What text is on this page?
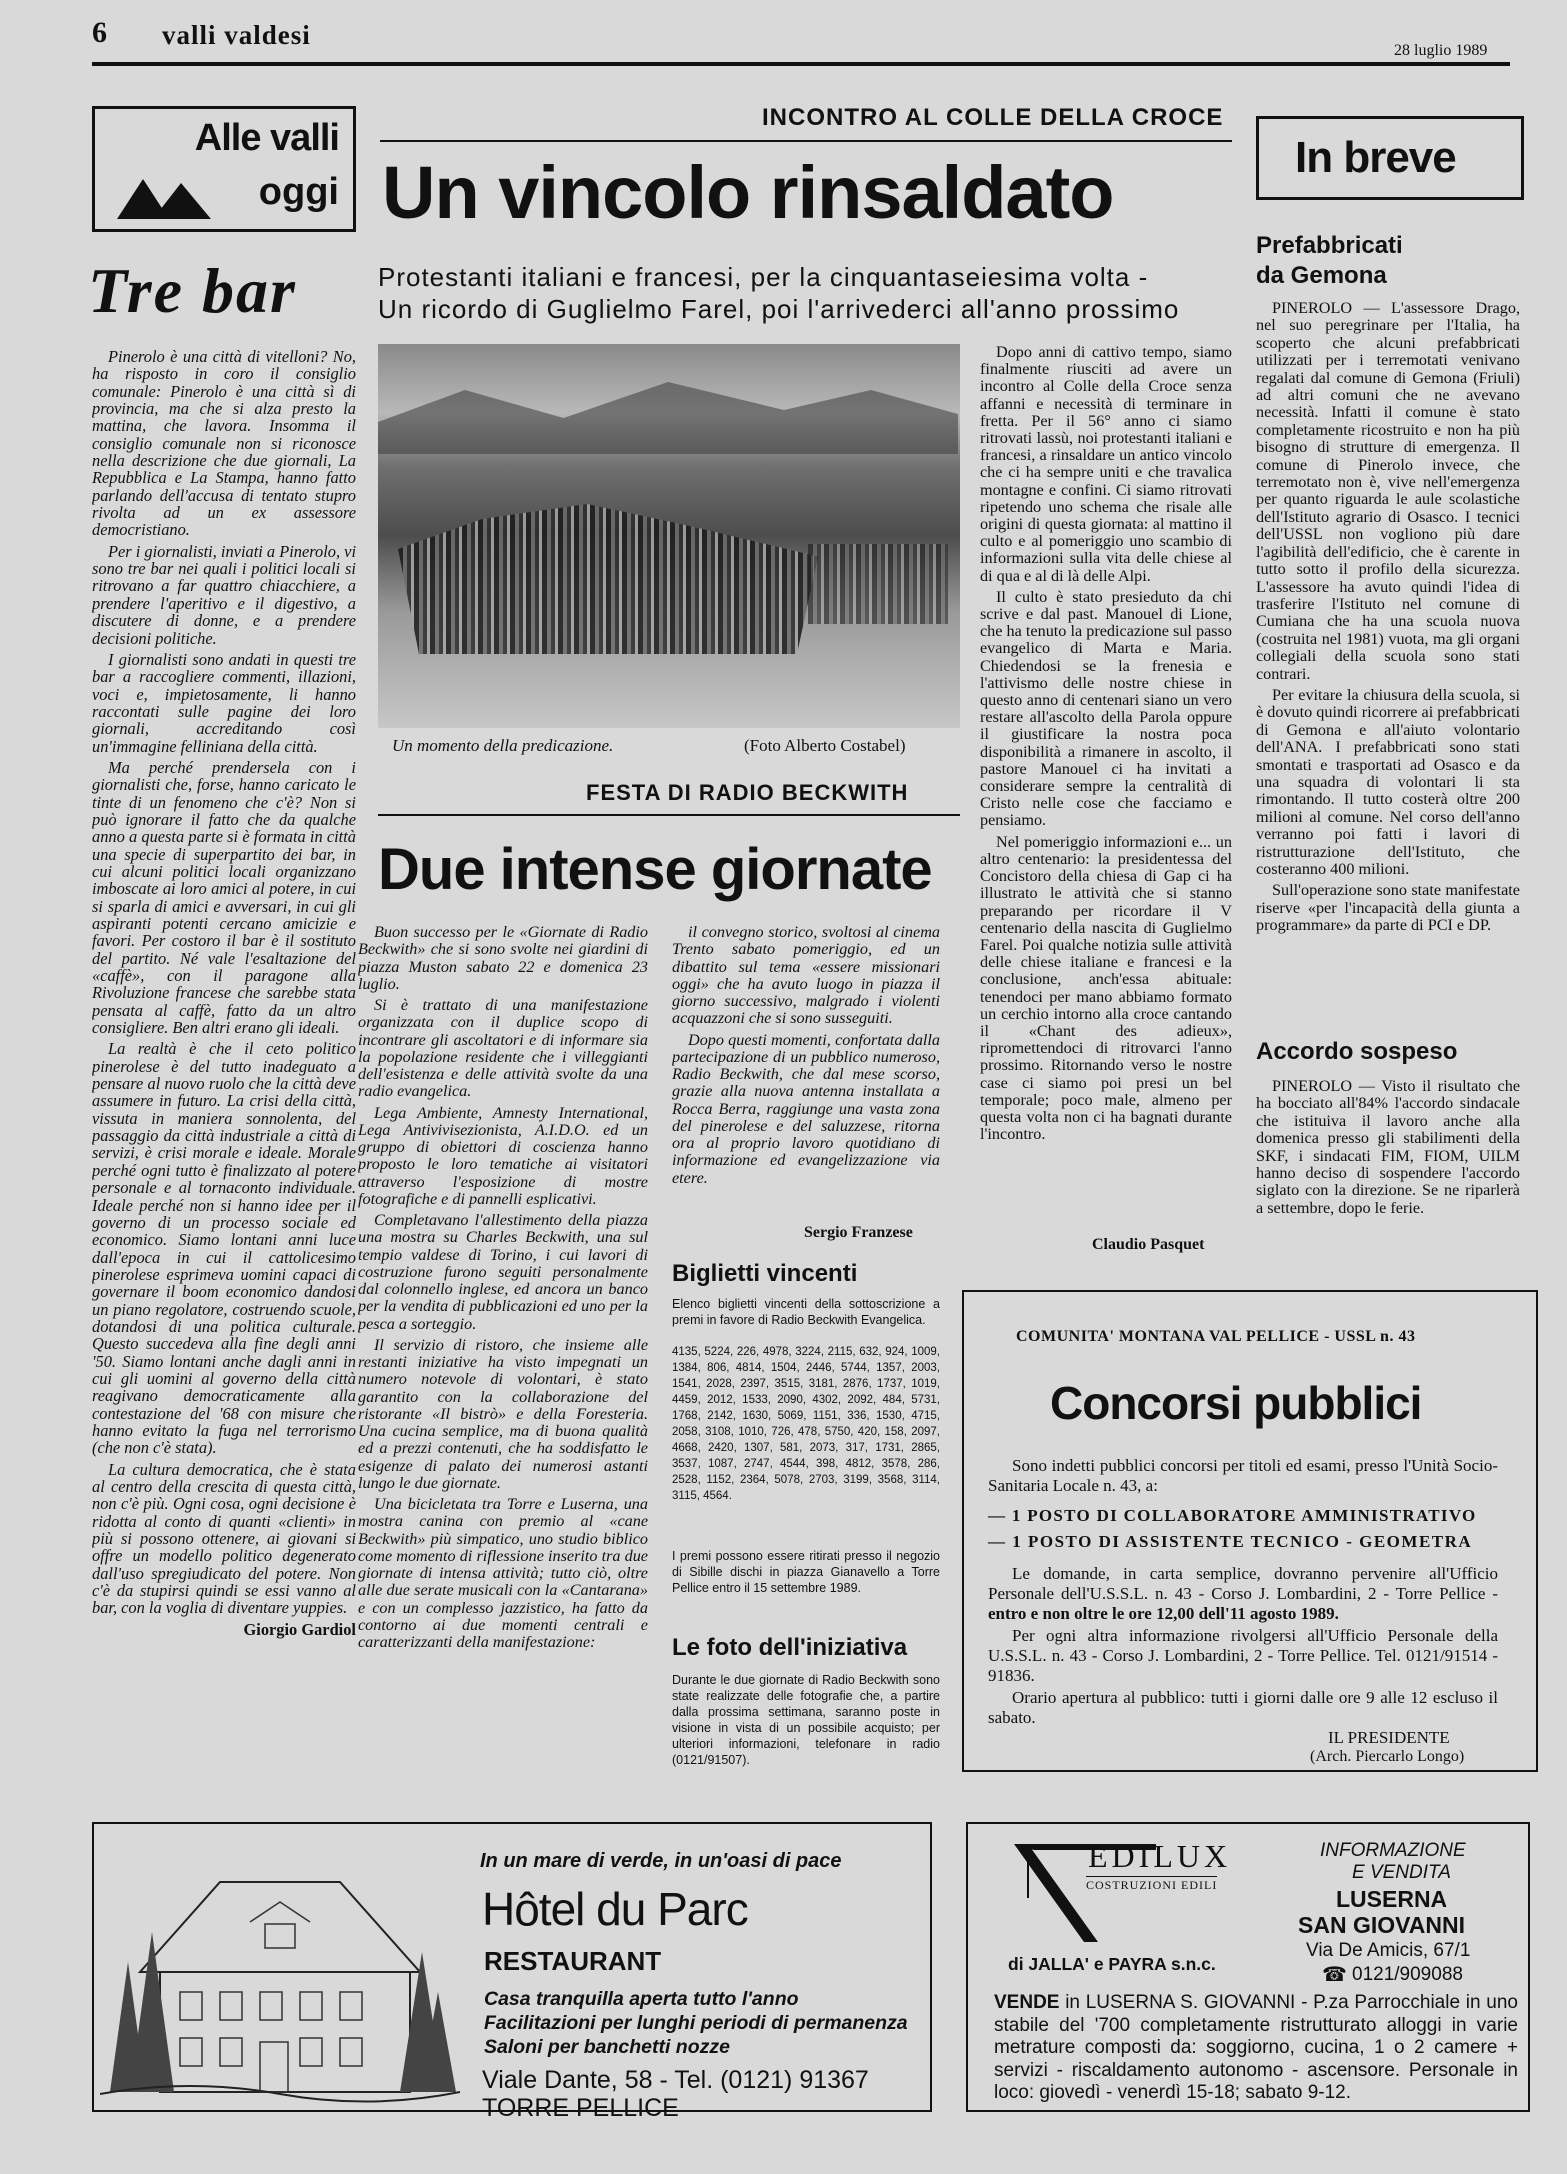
6 valli valdesi
28 luglio 1989
Alle valli
oggi
Tre bar

Pinerolo è una città di vitelloni? No, ha risposto in coro il consiglio comunale: Pinerolo è una città sì di provincia, ma che si alza presto la mattina, che lavora. Insomma il consiglio comunale non si riconosce nella descrizione che due giornali, La Repubblica e La Stampa, hanno fatto parlando dell'accusa di tentato stupro rivolta ad un ex assessore democristiano.

Per i giornalisti, inviati a Pinerolo, vi sono tre bar nei quali i politici locali si ritrovano a far quattro chiacchiere, a prendere l'aperitivo e il digestivo, a discutere di donne, e a prendere decisioni politiche.

I giornalisti sono andati in questi tre bar a raccogliere commenti, illazioni, voci e, impietosamente, li hanno raccontati sulle pagine dei loro giornali, accreditando così un'immagine felliniana della città.

Ma perché prendersela con i giornalisti che, forse, hanno caricato le tinte di un fenomeno che c'è? Non si può ignorare il fatto che da qualche anno a questa parte si è formata in città una specie di superpartito dei bar, in cui alcuni politici locali organizzano imboscate ai loro amici al potere, in cui si sparla di amici e avversari, in cui gli aspiranti potenti cercano amicizie e favori. Per costoro il bar è il sostituto del partito. Né vale l'esaltazione del «caffè», con il paragone alla Rivoluzione francese che sarebbe stata pensata al caffè, fatto da un altro consigliere. Ben altri erano gli ideali.

La realtà è che il ceto politico pinerolese è del tutto inadeguato a pensare al nuovo ruolo che la città deve assumere in futuro. La crisi della città, vissuta in maniera sonnolenta, del passaggio da città industriale a città di servizi, è crisi morale e ideale. Morale perché ogni tutto è finalizzato al potere personale e al tornaconto individuale. Ideale perché non si hanno idee per il governo di un processo sociale ed economico. Siamo lontani anni luce dall'epoca in cui il cattolicesimo pinerolese esprimeva uomini capaci di governare il boom economico dandosi un piano regolatore, costruendo scuole, dotandosi di una politica culturale. Questo succedeva alla fine degli anni '50. Siamo lontani anche dagli anni in cui gli uomini al governo della città reagivano democraticamente alla contestazione del '68 con misure che hanno evitato la fuga nel terrorismo (che non c'è stata).

La cultura democratica, che è stata al centro della crescita di questa città, non c'è più. Ogni cosa, ogni decisione è ridotta al conto di quanti «clienti» in più si possono ottenere, ai giovani si offre un modello politico degenerato dall'uso spregiudicato del potere. Non c'è da stupirsi quindi se essi vanno al bar, con la voglia di diventare yuppies.

Giorgio Gardiol
INCONTRO AL COLLE DELLA CROCE
Un vincolo rinsaldato
Protestanti italiani e francesi, per la cinquantaseiesima volta -
Un ricordo di Guglielmo Farel, poi l'arrivederci all'anno prossimo
Un momento della predicazione.	(Foto Alberto Costabel)

Dopo anni di cattivo tempo, siamo finalmente riusciti ad avere un incontro al Colle della Croce senza affanni e necessità di terminare in fretta. Per il 56° anno ci siamo ritrovati lassù, noi protestanti italiani e francesi, a rinsaldare un antico vincolo che ci ha sempre uniti e che travalica montagne e confini. Ci siamo ritrovati ripetendo uno schema che risale alle origini di questa giornata: al mattino il culto e al pomeriggio uno scambio di informazioni sulla vita delle chiese al di qua e al di là delle Alpi.

Il culto è stato presieduto da chi scrive e dal past. Manouel di Lione, che ha tenuto la predicazione sul passo evangelico di Marta e Maria. Chiedendosi se la frenesia e l'attivismo delle nostre chiese in questo anno di centenari siano un vero restare all'ascolto della Parola oppure il giustificare la nostra poca disponibilità a rimanere in ascolto, il pastore Manouel ci ha invitati a considerare sempre la centralità di Cristo nelle cose che facciamo e pensiamo.

Nel pomeriggio informazioni e... un altro centenario: la presidentessa del Concistoro della chiesa di Gap ci ha illustrato le attività che si stanno preparando per ricordare il V centenario della nascita di Guglielmo Farel. Poi qualche notizia sulle attività delle chiese italiane e francesi e la conclusione, anch'essa abituale: tenendoci per mano abbiamo formato un cerchio intorno alla croce cantando il «Chant des adieux», ripromettendoci di ritrovarci l'anno prossimo. Ritornando verso le nostre case ci siamo poi presi un bel temporale; poco male, almeno per questa volta non ci ha bagnati durante l'incontro.

Claudio Pasquet
FESTA DI RADIO BECKWITH
Due intense giornate

Buon successo per le «Giornate di Radio Beckwith» che si sono svolte nei giardini di piazza Muston sabato 22 e domenica 23 luglio.

Si è trattato di una manifestazione organizzata con il duplice scopo di incontrare gli ascoltatori e di informare sia la popolazione residente che i villeggianti dell'esistenza e delle attività svolte da una radio evangelica.

Lega Ambiente, Amnesty International, Lega Antivivisezionista, A.I.D.O. ed un gruppo di obiettori di coscienza hanno proposto le loro tematiche ai visitatori attraverso l'esposizione di mostre fotografiche e di pannelli esplicativi.

Completavano l'allestimento della piazza una mostra su Charles Beckwith, una sul tempio valdese di Torino, i cui lavori di costruzione furono seguiti personalmente dal colonnello inglese, ed ancora un banco per la vendita di pubblicazioni ed uno per la pesca a sorteggio.

Il servizio di ristoro, che insieme alle restanti iniziative ha visto impegnati un numero notevole di volontari, è stato garantito con la collaborazione del ristorante «Il bistrò» e della Foresteria. Una cucina semplice, ma di buona qualità ed a prezzi contenuti, che ha soddisfatto le esigenze di palato dei numerosi astanti lungo le due giornate.

Una bicicletata tra Torre e Luserna, una mostra canina con premio al «cane Beckwith» più simpatico, uno studio biblico come momento di riflessione inserito tra due giornate di intensa attività; tutto ciò, oltre alle due serate musicali con la «Cantarana» e con un complesso jazzistico, ha fatto da contorno ai due momenti centrali e caratterizzanti della manifestazione:

il convegno storico, svoltosi al cinema Trento sabato pomeriggio, ed un dibattito sul tema «essere missionari oggi» che ha avuto luogo in piazza il giorno successivo, malgrado i violenti acquazzoni che si sono susseguiti.

Dopo questi momenti, confortata dalla partecipazione di un pubblico numeroso, Radio Beckwith, che dal mese scorso, grazie alla nuova antenna installata a Rocca Berra, raggiunge una vasta zona del pinerolese e del saluzzese, ritorna ora al proprio lavoro quotidiano di informazione ed evangelizzazione via etere.

Sergio Franzese
Biglietti vincenti
Elenco biglietti vincenti della sottoscrizione a premi in favore di Radio Beckwith Evangelica.
4135, 5224, 226, 4978, 3224, 2115, 632, 924, 1009, 1384, 806, 4814, 1504, 2446, 5744, 1357, 2003, 1541, 2028, 2397, 3515, 3181, 2876, 1737, 1019, 4459, 2012, 1533, 2090, 4302, 2092, 484, 5731, 1768, 2142, 1630, 5069, 1151, 336, 1530, 4715, 2058, 3108, 1010, 726, 478, 5750, 420, 158, 2097, 4668, 2420, 1307, 581, 2073, 317, 1731, 2865, 3537, 1087, 2747, 4544, 398, 4812, 3578, 286, 2528, 1152, 2364, 5078, 2703, 3199, 3568, 3114, 3115, 4564.
I premi possono essere ritirati presso il negozio di Sibille dischi in piazza Gianavello a Torre Pellice entro il 15 settembre 1989.
Le foto dell'iniziativa
Durante le due giornate di Radio Beckwith sono state realizzate delle fotografie che, a partire dalla prossima settimana, saranno poste in visione in vista di un possibile acquisto; per ulteriori informazioni, telefonare in radio (0121/91507).
In breve
Prefabbricati
da Gemona

PINEROLO — L'assessore Drago, nel suo peregrinare per l'Italia, ha scoperto che alcuni prefabbricati utilizzati per i terremotati venivano regalati dal comune di Gemona (Friuli) ad altri comuni che ne avevano necessità. Infatti il comune è stato completamente ricostruito e non ha più bisogno di strutture di emergenza. Il comune di Pinerolo invece, che terremotato non è, vive nell'emergenza per quanto riguarda le aule scolastiche dell'Istituto agrario di Osasco. I tecnici dell'USSL non vogliono più dare l'agibilità dell'edificio, che è carente in tutto sotto il profilo della sicurezza. L'assessore ha avuto quindi l'idea di trasferire l'Istituto nel comune di Cumiana che ha una scuola nuova (costruita nel 1981) vuota, ma gli organi collegiali della scuola sono stati contrari.

Per evitare la chiusura della scuola, si è dovuto quindi ricorrere ai prefabbricati di Gemona e all'aiuto volontario dell'ANA. I prefabbricati sono stati smontati e trasportati ad Osasco e da una squadra di volontari li sta rimontando. Il tutto costerà oltre 200 milioni al comune. Nel corso dell'anno verranno poi fatti i lavori di ristrutturazione dell'Istituto, che costeranno 400 milioni.

Sull'operazione sono state manifestate riserve «per l'incapacità della giunta a programmare» da parte di PCI e DP.

Accordo sospeso

PINEROLO — Visto il risultato che ha bocciato all'84% l'accordo sindacale che istituiva il lavoro anche alla domenica presso gli stabilimenti della SKF, i sindacati FIM, FIOM, UILM hanno deciso di sospendere l'accordo siglato con la direzione. Se ne riparlerà a settembre, dopo le ferie.

COMUNITA' MONTANA VAL PELLICE - USSL n. 43
Concorsi pubblici
Sono indetti pubblici concorsi per titoli ed esami, presso l'Unità Socio-Sanitaria Locale n. 43, a:
— 1 POSTO DI COLLABORATORE AMMINISTRATIVO
— 1 POSTO DI ASSISTENTE TECNICO - GEOMETRA
Le domande, in carta semplice, dovranno pervenire all'Ufficio Personale dell'U.S.S.L. n. 43 - Corso J. Lombardini, 2 - Torre Pellice - entro e non oltre le ore 12,00 dell'11 agosto 1989.
Per ogni altra informazione rivolgersi all'Ufficio Personale della U.S.S.L. n. 43 - Corso J. Lombardini, 2 - Torre Pellice. Tel. 0121/91514 - 91836.
Orario apertura al pubblico: tutti i giorni dalle ore 9 alle 12 escluso il sabato.
IL PRESIDENTE
(Arch. Piercarlo Longo)
In un mare di verde, in un'oasi di pace
Hôtel du Parc
RESTAURANT
Casa tranquilla aperta tutto l'anno
Facilitazioni per lunghi periodi di permanenza
Saloni per banchetti nozze
Viale Dante, 58 - Tel. (0121) 91367
TORRE PELLICE
EDILUX
COSTRUZIONI EDILI
di JALLA' e PAYRA s.n.c.
INFORMAZIONE
E VENDITA
LUSERNA
SAN GIOVANNI
Via De Amicis, 67/1
☎ 0121/909088
VENDE in LUSERNA S. GIOVANNI - P.za Parrocchiale in uno stabile del '700 completamente ristrutturato alloggi in varie metrature composti da: soggiorno, cucina, 1 o 2 camere + servizi - riscaldamento autonomo - ascensore. Personale in loco: giovedì - venerdì 15-18; sabato 9-12.
